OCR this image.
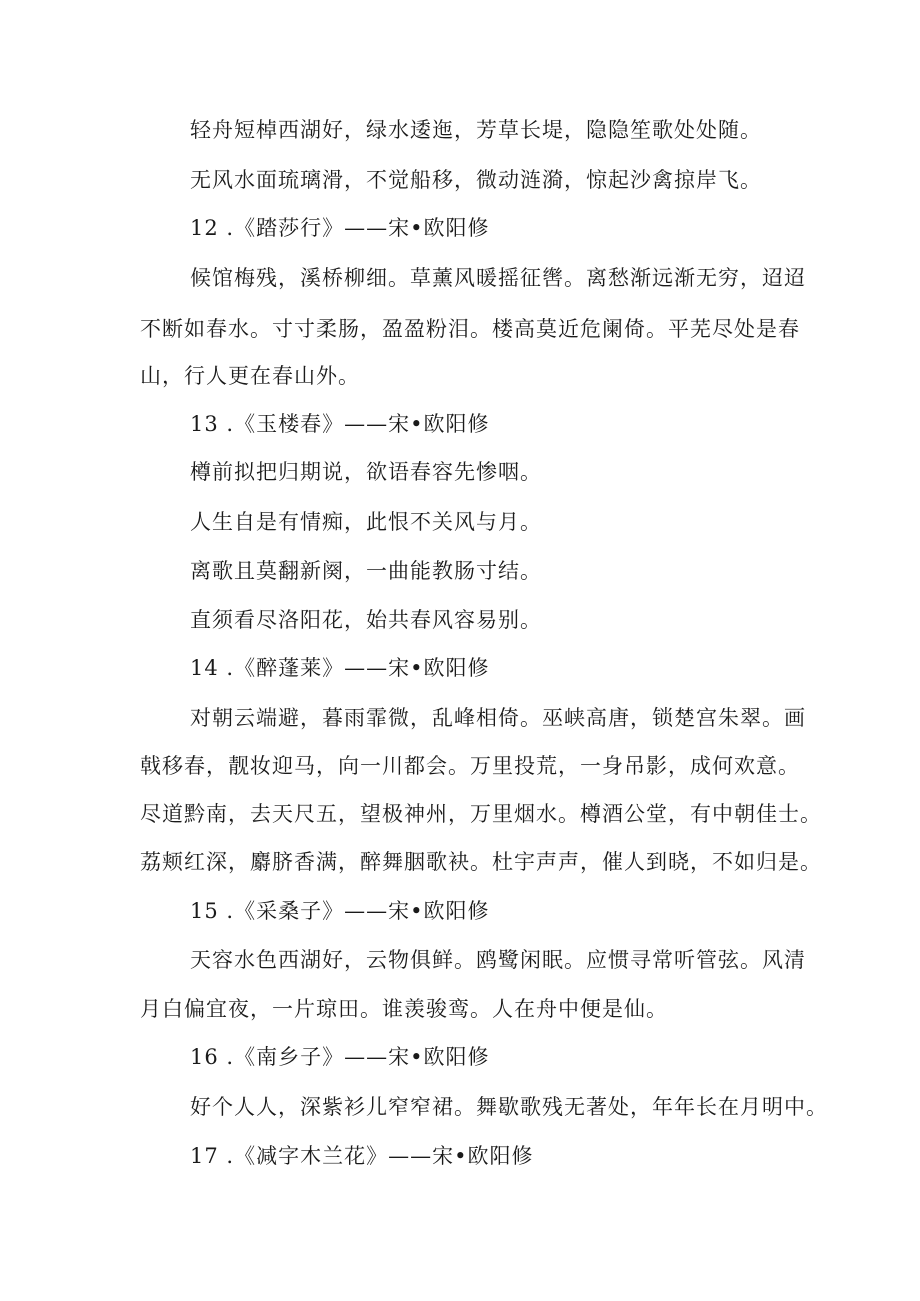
轻舟短棹西湖好，绿水逶迤，芳草长堤，隐隐笙歌处处随。
无风水面琉璃滑，不觉船移，微动涟漪，惊起沙禽掠岸飞。
12 .《踏莎行》——宋•欧阳修
候馆梅残，溪桥柳细。草薰风暖摇征辔。离愁渐远渐无穷，迢迢
不断如春水。寸寸柔肠，盈盈粉泪。楼高莫近危阑倚。平芜尽处是春
山，行人更在春山外。
13 .《玉楼春》——宋•欧阳修
樽前拟把归期说，欲语春容先惨咽。
人生自是有情痴，此恨不关风与月。
离歌且莫翻新阕，一曲能教肠寸结。
直须看尽洛阳花，始共春风容易别。
14 .《醉蓬莱》——宋•欧阳修
对朝云端避，暮雨霏微，乱峰相倚。巫峡高唐，锁楚宫朱翠。画
戟移春，靓妆迎马，向一川都会。万里投荒，一身吊影，成何欢意。
尽道黔南，去天尺五，望极神州，万里烟水。樽酒公堂，有中朝佳士。
荔颊红深，麝脐香满，醉舞胭歌袂。杜宇声声，催人到晓，不如归是。
15 .《采桑子》——宋•欧阳修
天容水色西湖好，云物俱鲜。鸥鹭闲眠。应惯寻常听管弦。风清
月白偏宜夜，一片琼田。谁羡骏鸾。人在舟中便是仙。
16 .《南乡子》——宋•欧阳修
好个人人，深紫衫儿窄窄裙。舞歇歌残无著处，年年长在月明中。
17 .《减字木兰花》——宋•欧阳修
